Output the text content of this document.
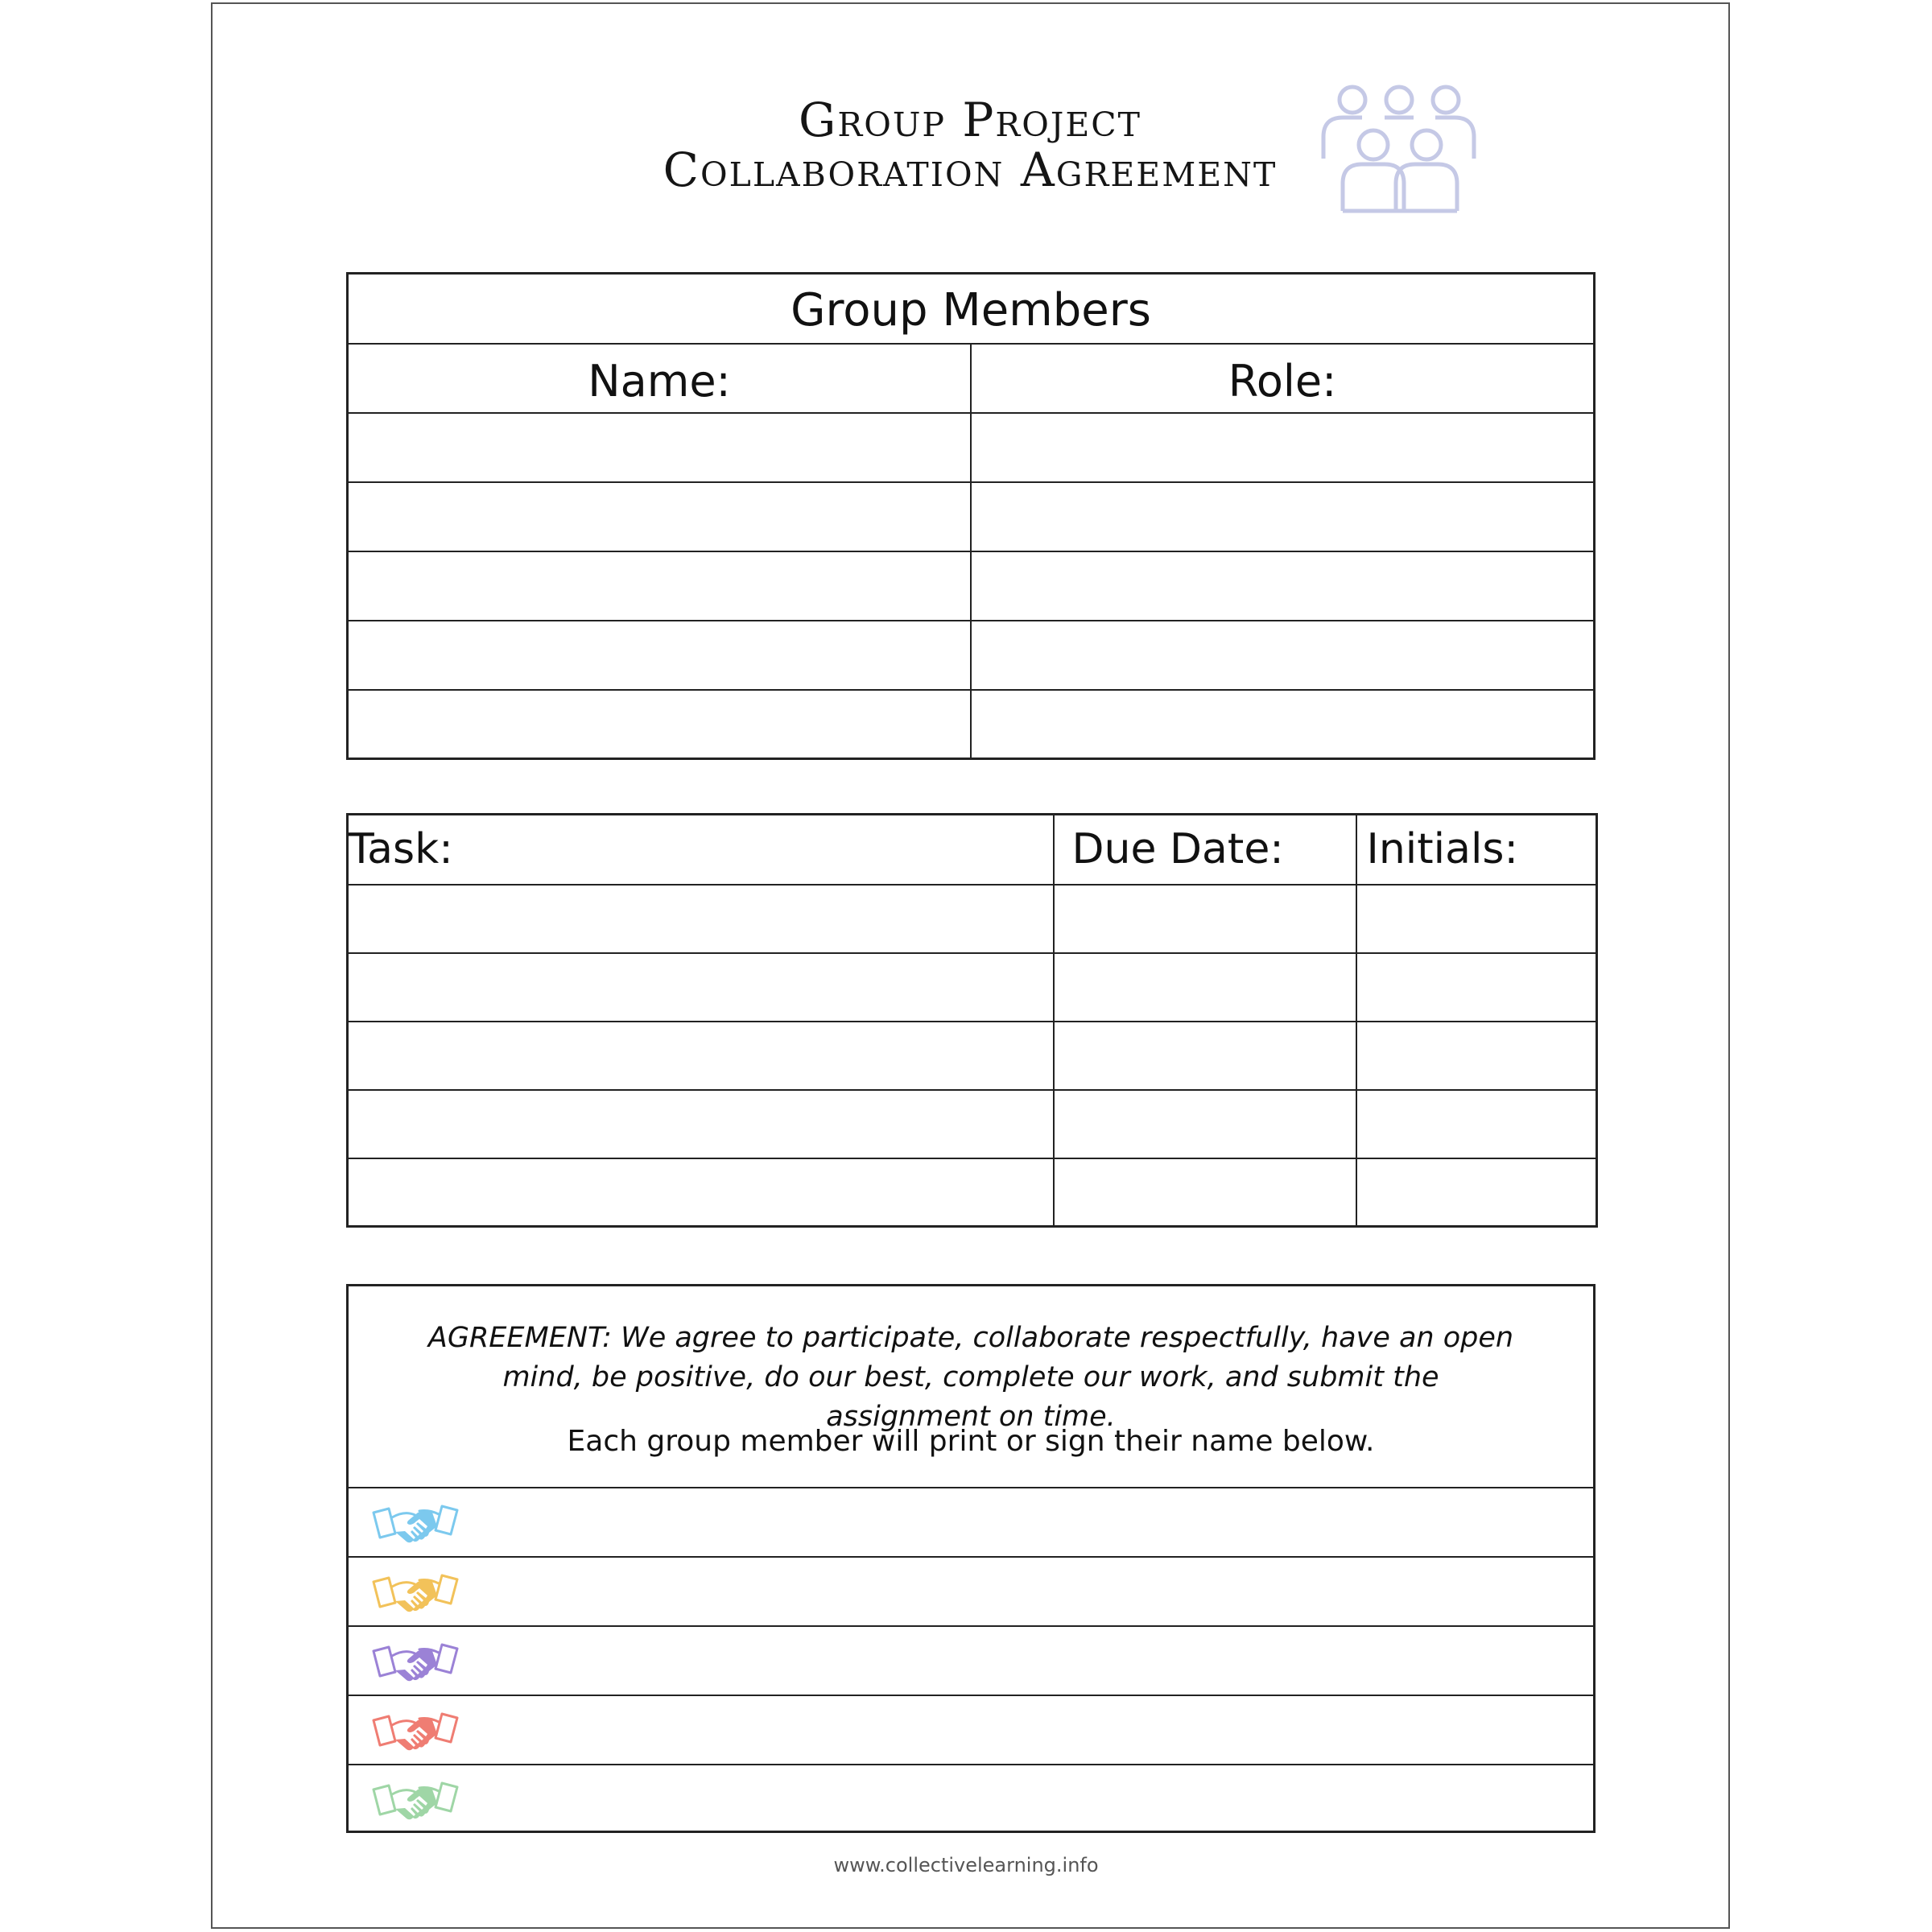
Group Project
Collaboration Agreement
Group Members	
Name:	Role:

Task:	Due Date:	Initials:

AGREEMENT: We agree to participate, collaborate respectfully, have an open mind, be positive, do our best, complete our work, and submit the assignment on time.
Each group member will print or sign their name below.
www.collectivelearning.info
